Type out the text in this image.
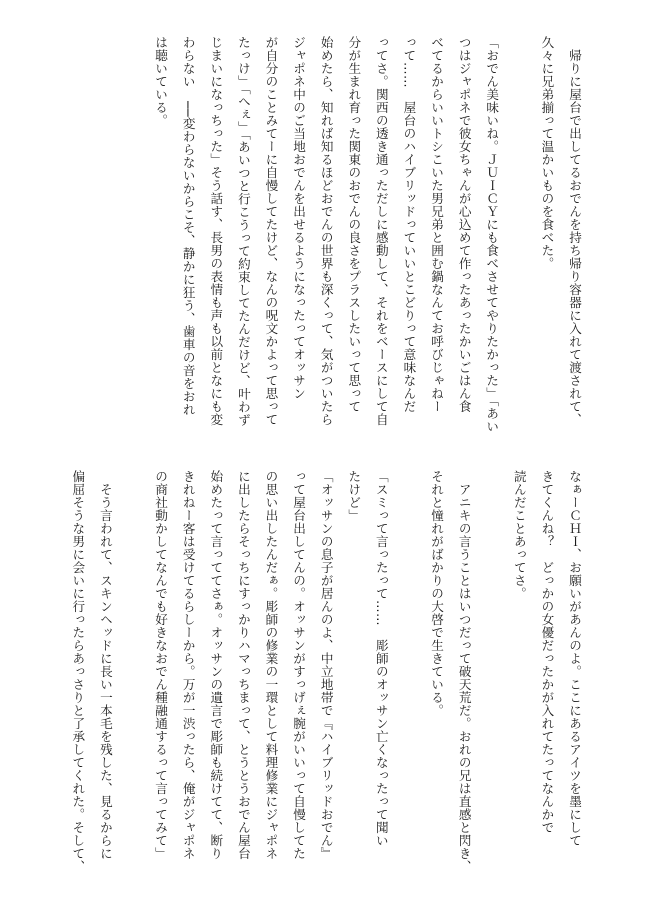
　帰りに屋台で出してるおでんを持ち帰り容器に入れて渡されて、
久々に兄弟揃って温かいものを食べた。
「おでん美味いね。ＪＵＩＣＹにも食べさせてやりたかった」「あい
つはジャポネで彼女ちゃんが心込めて作ったあったかいごはん食
べてるからいいトシこいた男兄弟と囲む鍋なんてお呼びじゃねー
って……　屋台のハイブリッドっていいとこどりって意味なんだ
ってさ。関西の透き通っただしに感動して、それをベースにして自
分が生まれ育った関東のおでんの良さをプラスしたいって思って
始めたら、知れば知るほどおでんの世界も深くって、気がついたら
ジャポネ中のご当地おでんを出せるようになったってオッサン
が自分のことみてーに自慢してたけど、なんの呪文かよって思って
たっけ」「へぇ」「あいつと行こうって約束してたんだけど、叶わず
じまいになっちった」そう話す、長男の表情も声も以前となにも変
わらない　──変わらないからこそ、静かに狂う、歯車の音をおれ
は聴いている。
なぁーＣＨＩ、お願いがあんのよ。ここにあるアイツを墨にして
きてくんね？　どっかの女優だったかが入れてたってなんかで
読んだことあってさ。
　アニキの言うことはいつだって破天荒だ。おれの兄は直感と閃き、
それと憧れがばかりの大啓で生きている。
「スミって言ったって……　彫師のオッサン亡くなったって聞い
たけど」
「オッサンの息子が居んのよ、中立地帯で『ハイブリッドおでん』
って屋台出してんの。オッサンがすっげぇ腕がいいって自慢してた
の思い出したんだぁ。彫師の修業の一環として料理修業にジャポネ
に出したらそっちにすっかりハマっちまって、とうとうおでん屋台
始めたって言っててさぁ。オッサンの遺言で彫師も続けてて、断り
きれねー客は受けてるらしーから。万が一渋ったら、俺がジャポネ
の商社動かしてなんでも好きなおでん種融通するって言ってみて」
　そう言われて、スキンヘッドに長い一本毛を残した、見るからに
偏屈そうな男に会いに行ったらあっさりと了承してくれた。そして、
